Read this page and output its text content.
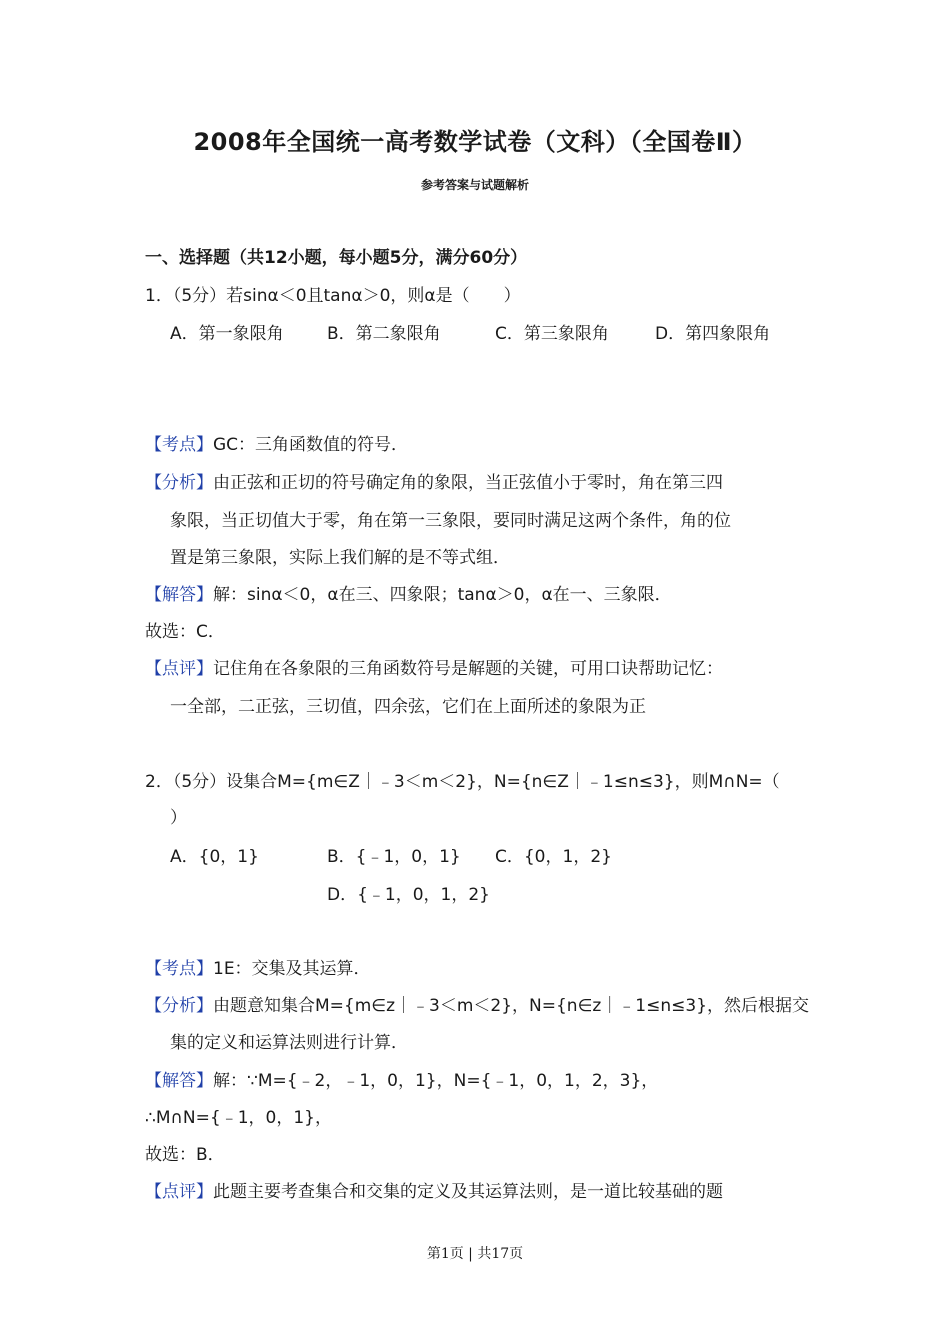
2008年全国统一高考数学试卷（文科）（全国卷Ⅱ）
参考答案与试题解析
一、选择题（共12小题，每小题5分，满分60分）
1．（5分）若sinα＜0且tanα＞0，则α是（　　）
A．第一象限角	B．第二象限角	C．第三象限角	D．第四象限角
【考点】GC：三角函数值的符号．
【分析】由正弦和正切的符号确定角的象限，当正弦值小于零时，角在第三四
象限，当正切值大于零，角在第一三象限，要同时满足这两个条件，角的位
置是第三象限，实际上我们解的是不等式组．
【解答】解：sinα＜0，α在三、四象限；tanα＞0，α在一、三象限．
故选：C．
【点评】记住角在各象限的三角函数符号是解题的关键，可用口诀帮助记忆：
一全部，二正弦，三切值，四余弦，它们在上面所述的象限为正
2．（5分）设集合M={m∈Z｜﹣3＜m＜2}，N={n∈Z｜﹣1≤n≤3}，则M∩N=（
）
A．{0，1}	B．{﹣1，0，1} C．{0，1，2}
D．{﹣1，0，1，2}
【考点】1E：交集及其运算．
【分析】由题意知集合M={m∈z｜﹣3＜m＜2}，N={n∈z｜﹣1≤n≤3}，然后根据交
集的定义和运算法则进行计算．
【解答】解：∵M={﹣2，﹣1，0，1}，N={﹣1，0，1，2，3}，
∴M∩N={﹣1，0，1}，
故选：B．
【点评】此题主要考查集合和交集的定义及其运算法则，是一道比较基础的题
第1页 | 共17页
